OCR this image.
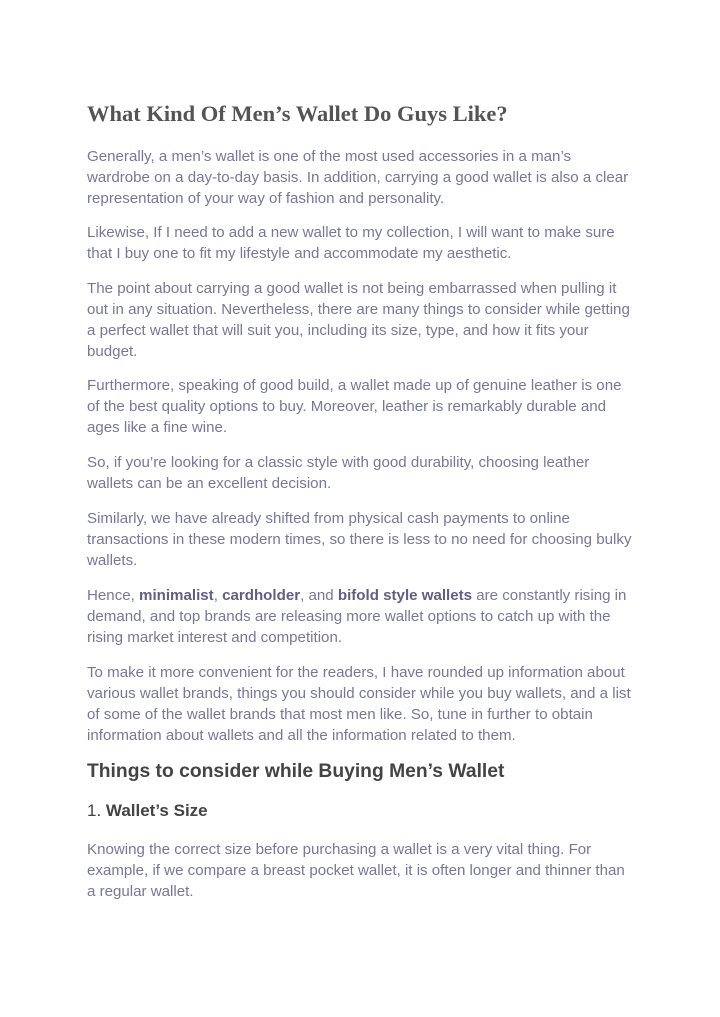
What Kind Of Men’s Wallet Do Guys Like?

Generally, a men’s wallet is one of the most used accessories in a man’s wardrobe on a day-to-day basis. In addition, carrying a good wallet is also a clear representation of your way of fashion and personality.

Likewise, If I need to add a new wallet to my collection, I will want to make sure that I buy one to fit my lifestyle and accommodate my aesthetic.

The point about carrying a good wallet is not being embarrassed when pulling it out in any situation. Nevertheless, there are many things to consider while getting a perfect wallet that will suit you, including its size, type, and how it fits your budget.

Furthermore, speaking of good build, a wallet made up of genuine leather is one of the best quality options to buy. Moreover, leather is remarkably durable and ages like a fine wine.

So, if you’re looking for a classic style with good durability, choosing leather wallets can be an excellent decision.

Similarly, we have already shifted from physical cash payments to online transactions in these modern times, so there is less to no need for choosing bulky wallets.

Hence, minimalist, cardholder, and bifold style wallets are constantly rising in demand, and top brands are releasing more wallet options to catch up with the rising market interest and competition.

To make it more convenient for the readers, I have rounded up information about various wallet brands, things you should consider while you buy wallets, and a list of some of the wallet brands that most men like. So, tune in further to obtain information about wallets and all the information related to them.

Things to consider while Buying Men’s Wallet
1. Wallet’s Size

Knowing the correct size before purchasing a wallet is a very vital thing. For example, if we compare a breast pocket wallet, it is often longer and thinner than a regular wallet.
